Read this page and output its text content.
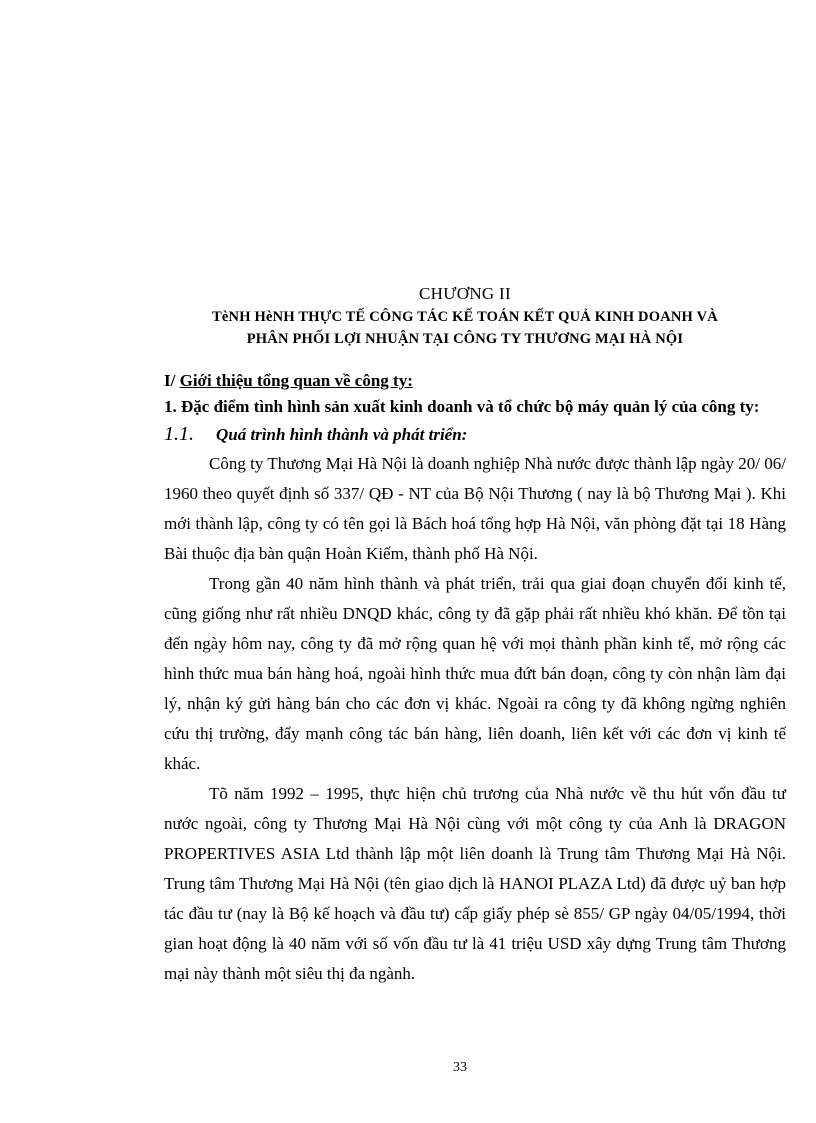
CHƯƠNG II
TèNH HèNH THỰC TẾ CÔNG TÁC KẾ TOÁN KẾT QUẢ KINH DOANH VÀ
PHÂN PHỐI LỢI NHUẬN TẠI CÔNG TY THƯƠNG MẠI HÀ NỘI

I/ Giới thiệu tổng quan về công ty:

1. Đặc điểm tình hình sản xuất kinh doanh và tổ chức bộ máy quản lý của công ty:

1.1. Quá trình hình thành và phát triển:

Công ty Thương Mại Hà Nội là doanh nghiệp Nhà nước được thành lập ngày 20/ 06/ 1960 theo quyết định số 337/ QĐ - NT của Bộ Nội Thương ( nay là bộ Thương Mại ). Khi mới thành lập, công ty có tên gọi là Bách hoá tổng hợp Hà Nội, văn phòng đặt tại 18 Hàng Bài thuộc địa bàn quận Hoàn Kiếm, thành phố Hà Nội.

Trong gần 40 năm hình thành và phát triển, trải qua giai đoạn chuyển đổi kinh tế, cũng giống như rất nhiều DNQD khác, công ty đã gặp phải rất nhiều khó khăn. Để tồn tại đến ngày hôm nay, công ty đã mở rộng quan hệ với mọi thành phần kinh tế, mở rộng các hình thức mua bán hàng hoá, ngoài hình thức mua đứt bán đoạn, công ty còn nhận làm đại lý, nhận ký gửi hàng bán cho các đơn vị khác. Ngoài ra công ty đã không ngừng nghiên cứu thị trường, đẩy mạnh công tác bán hàng, liên doanh, liên kết với các đơn vị kinh tế khác.

Tõ năm 1992 – 1995, thực hiện chủ trương của Nhà nước về thu hút vốn đầu tư nước ngoài, công ty Thương Mại Hà Nội cùng với một công ty của Anh là DRAGON PROPERTIVES ASIA Ltd thành lập một liên doanh là Trung tâm Thương Mại Hà Nội. Trung tâm Thương Mại Hà Nội (tên giao dịch là HANOI PLAZA Ltd) đã được uỷ ban hợp tác đầu tư (nay là Bộ kế hoạch và đầu tư) cấp giấy phép sè 855/ GP ngày 04/05/1994, thời gian hoạt động là 40 năm với số vốn đầu tư là 41 triệu USD xây dựng Trung tâm Thương mại này thành một siêu thị đa ngành.

33
